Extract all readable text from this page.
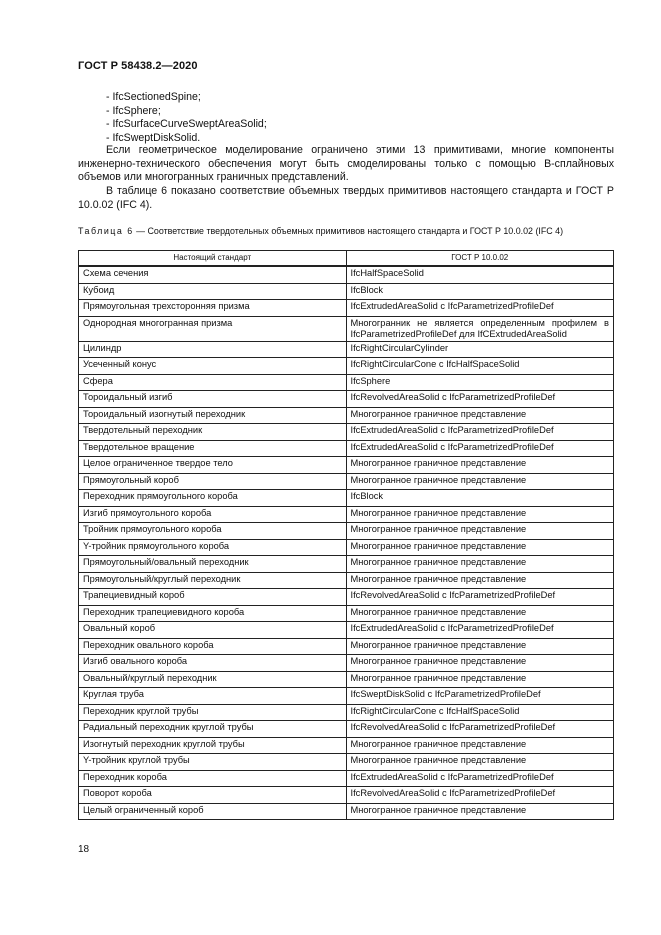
ГОСТ Р 58438.2—2020
- IfcSectionedSpine;
- IfcSphere;
- IfcSurfaceCurveSweptAreaSolid;
- IfcSweptDiskSolid.

Если геометрическое моделирование ограничено этими 13 примитивами, многие компоненты инженерно-технического обеспечения могут быть смоделированы только с помощью B-сплайновых объемов или многогранных граничных представлений.

В таблице 6 показано соответствие объемных твердых примитивов настоящего стандарта и ГОСТ Р 10.0.02 (IFC 4).

Таблица 6 — Соответствие твердотельных объемных примитивов настоящего стандарта и ГОСТ Р 10.0.02 (IFC 4)
Настоящий стандарт	ГОСТ Р 10.0.02
Схема сечения	IfcHalfSpaceSolid
Кубоид	IfcBlock
Прямоугольная трехсторонняя призма	IfcExtrudedAreaSolid с IfcParametrizedProfileDef
Однородная многогранная призма	Многогранник не является определенным профилем в IfcParametrizedProfileDef для IfCExtrudedAreaSolid
Цилиндр	IfcRightCircularCylinder
Усеченный конус	IfcRightCircularCone с IfcHalfSpaceSolid
Сфера	IfcSphere
Тороидальный изгиб	IfcRevolvedAreaSolid с IfcParametrizedProfileDef
Тороидальный изогнутый переходник	Многогранное граничное представление
Твердотельный переходник	IfcExtrudedAreaSolid с IfcParametrizedProfileDef
Твердотельное вращение	IfcExtrudedAreaSolid с IfcParametrizedProfileDef
Целое ограниченное твердое тело	Многогранное граничное представление
Прямоугольный короб	Многогранное граничное представление
Переходник прямоугольного короба	IfcBlock
Изгиб прямоугольного короба	Многогранное граничное представление
Тройник прямоугольного короба	Многогранное граничное представление
Y-тройник прямоугольного короба	Многогранное граничное представление
Прямоугольный/овальный переходник	Многогранное граничное представление
Прямоугольный/круглый переходник	Многогранное граничное представление
Трапециевидный короб	IfcRevolvedAreaSolid с IfcParametrizedProfileDef
Переходник трапециевидного короба	Многогранное граничное представление
Овальный короб	IfcExtrudedAreaSolid с IfcParametrizedProfileDef
Переходник овального короба	Многогранное граничное представление
Изгиб овального короба	Многогранное граничное представление
Овальный/круглый переходник	Многогранное граничное представление
Круглая труба	IfcSweptDiskSolid с IfcParametrizedProfileDef
Переходник круглой трубы	IfcRightCircularCone с IfcHalfSpaceSolid
Радиальный переходник круглой трубы	IfcRevolvedAreaSolid с IfcParametrizedProfileDef
Изогнутый переходник круглой трубы	Многогранное граничное представление
Y-тройник круглой трубы	Многогранное граничное представление
Переходник короба	IfcExtrudedAreaSolid с IfcParametrizedProfileDef
Поворот короба	IfcRevolvedAreaSolid с IfcParametrizedProfileDef
Целый ограниченный короб	Многогранное граничное представление
18
